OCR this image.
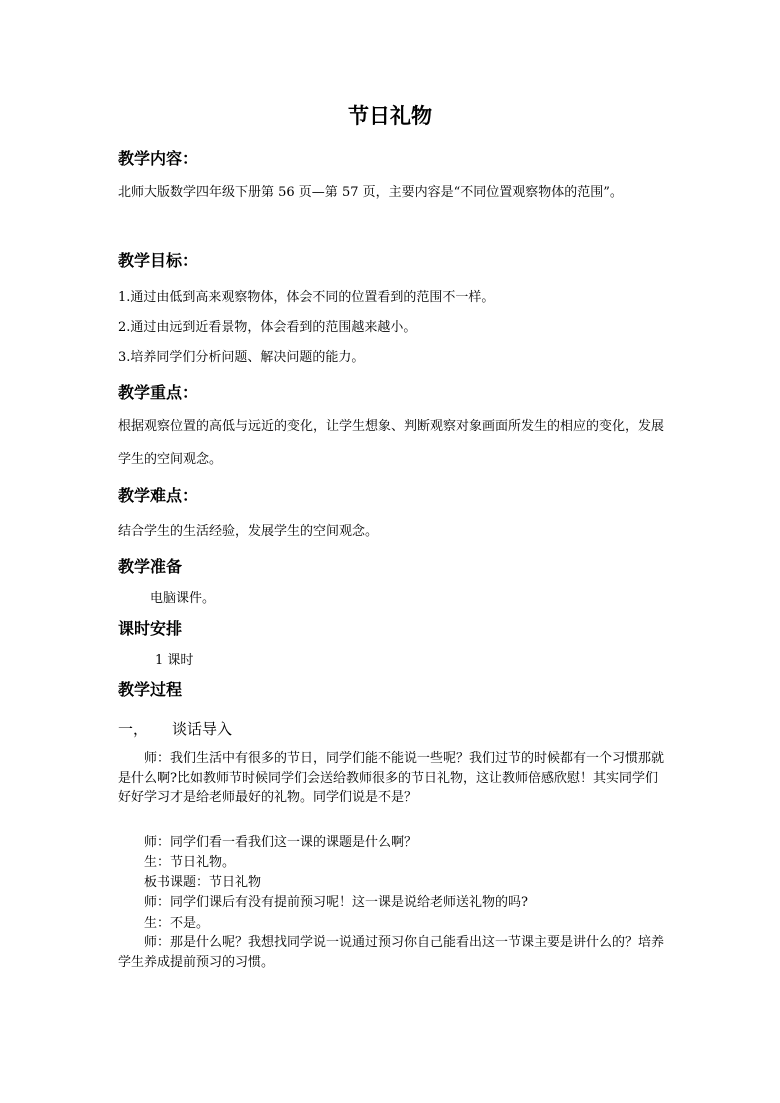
节日礼物
教学内容：
北师大版数学四年级下册第 56 页—第 57 页，主要内容是“不同位置观察物体的范围”。
教学目标：
1.通过由低到高来观察物体，体会不同的位置看到的范围不一样。
2.通过由远到近看景物，体会看到的范围越来越小。
3.培养同学们分析问题、解决问题的能力。
教学重点：
根据观察位置的高低与远近的变化，让学生想象、判断观察对象画面所发生的相应的变化，发展学生的空间观念。
教学难点：
结合学生的生活经验，发展学生的空间观念。
教学准备
电脑课件。
课时安排
1 课时
教学过程
一， 谈话导入
师：我们生活中有很多的节日，同学们能不能说一些呢？我们过节的时候都有一个习惯那就是什么啊?比如教师节时候同学们会送给教师很多的节日礼物，这让教师倍感欣慰！其实同学们好好学习才是给老师最好的礼物。同学们说是不是？
师：同学们看一看我们这一课的课题是什么啊？
生：节日礼物。
板书课题：节日礼物
师：同学们课后有没有提前预习呢！这一课是说给老师送礼物的吗?
生：不是。
师：那是什么呢？我想找同学说一说通过预习你自己能看出这一节课主要是讲什么的？培养学生养成提前预习的习惯。
